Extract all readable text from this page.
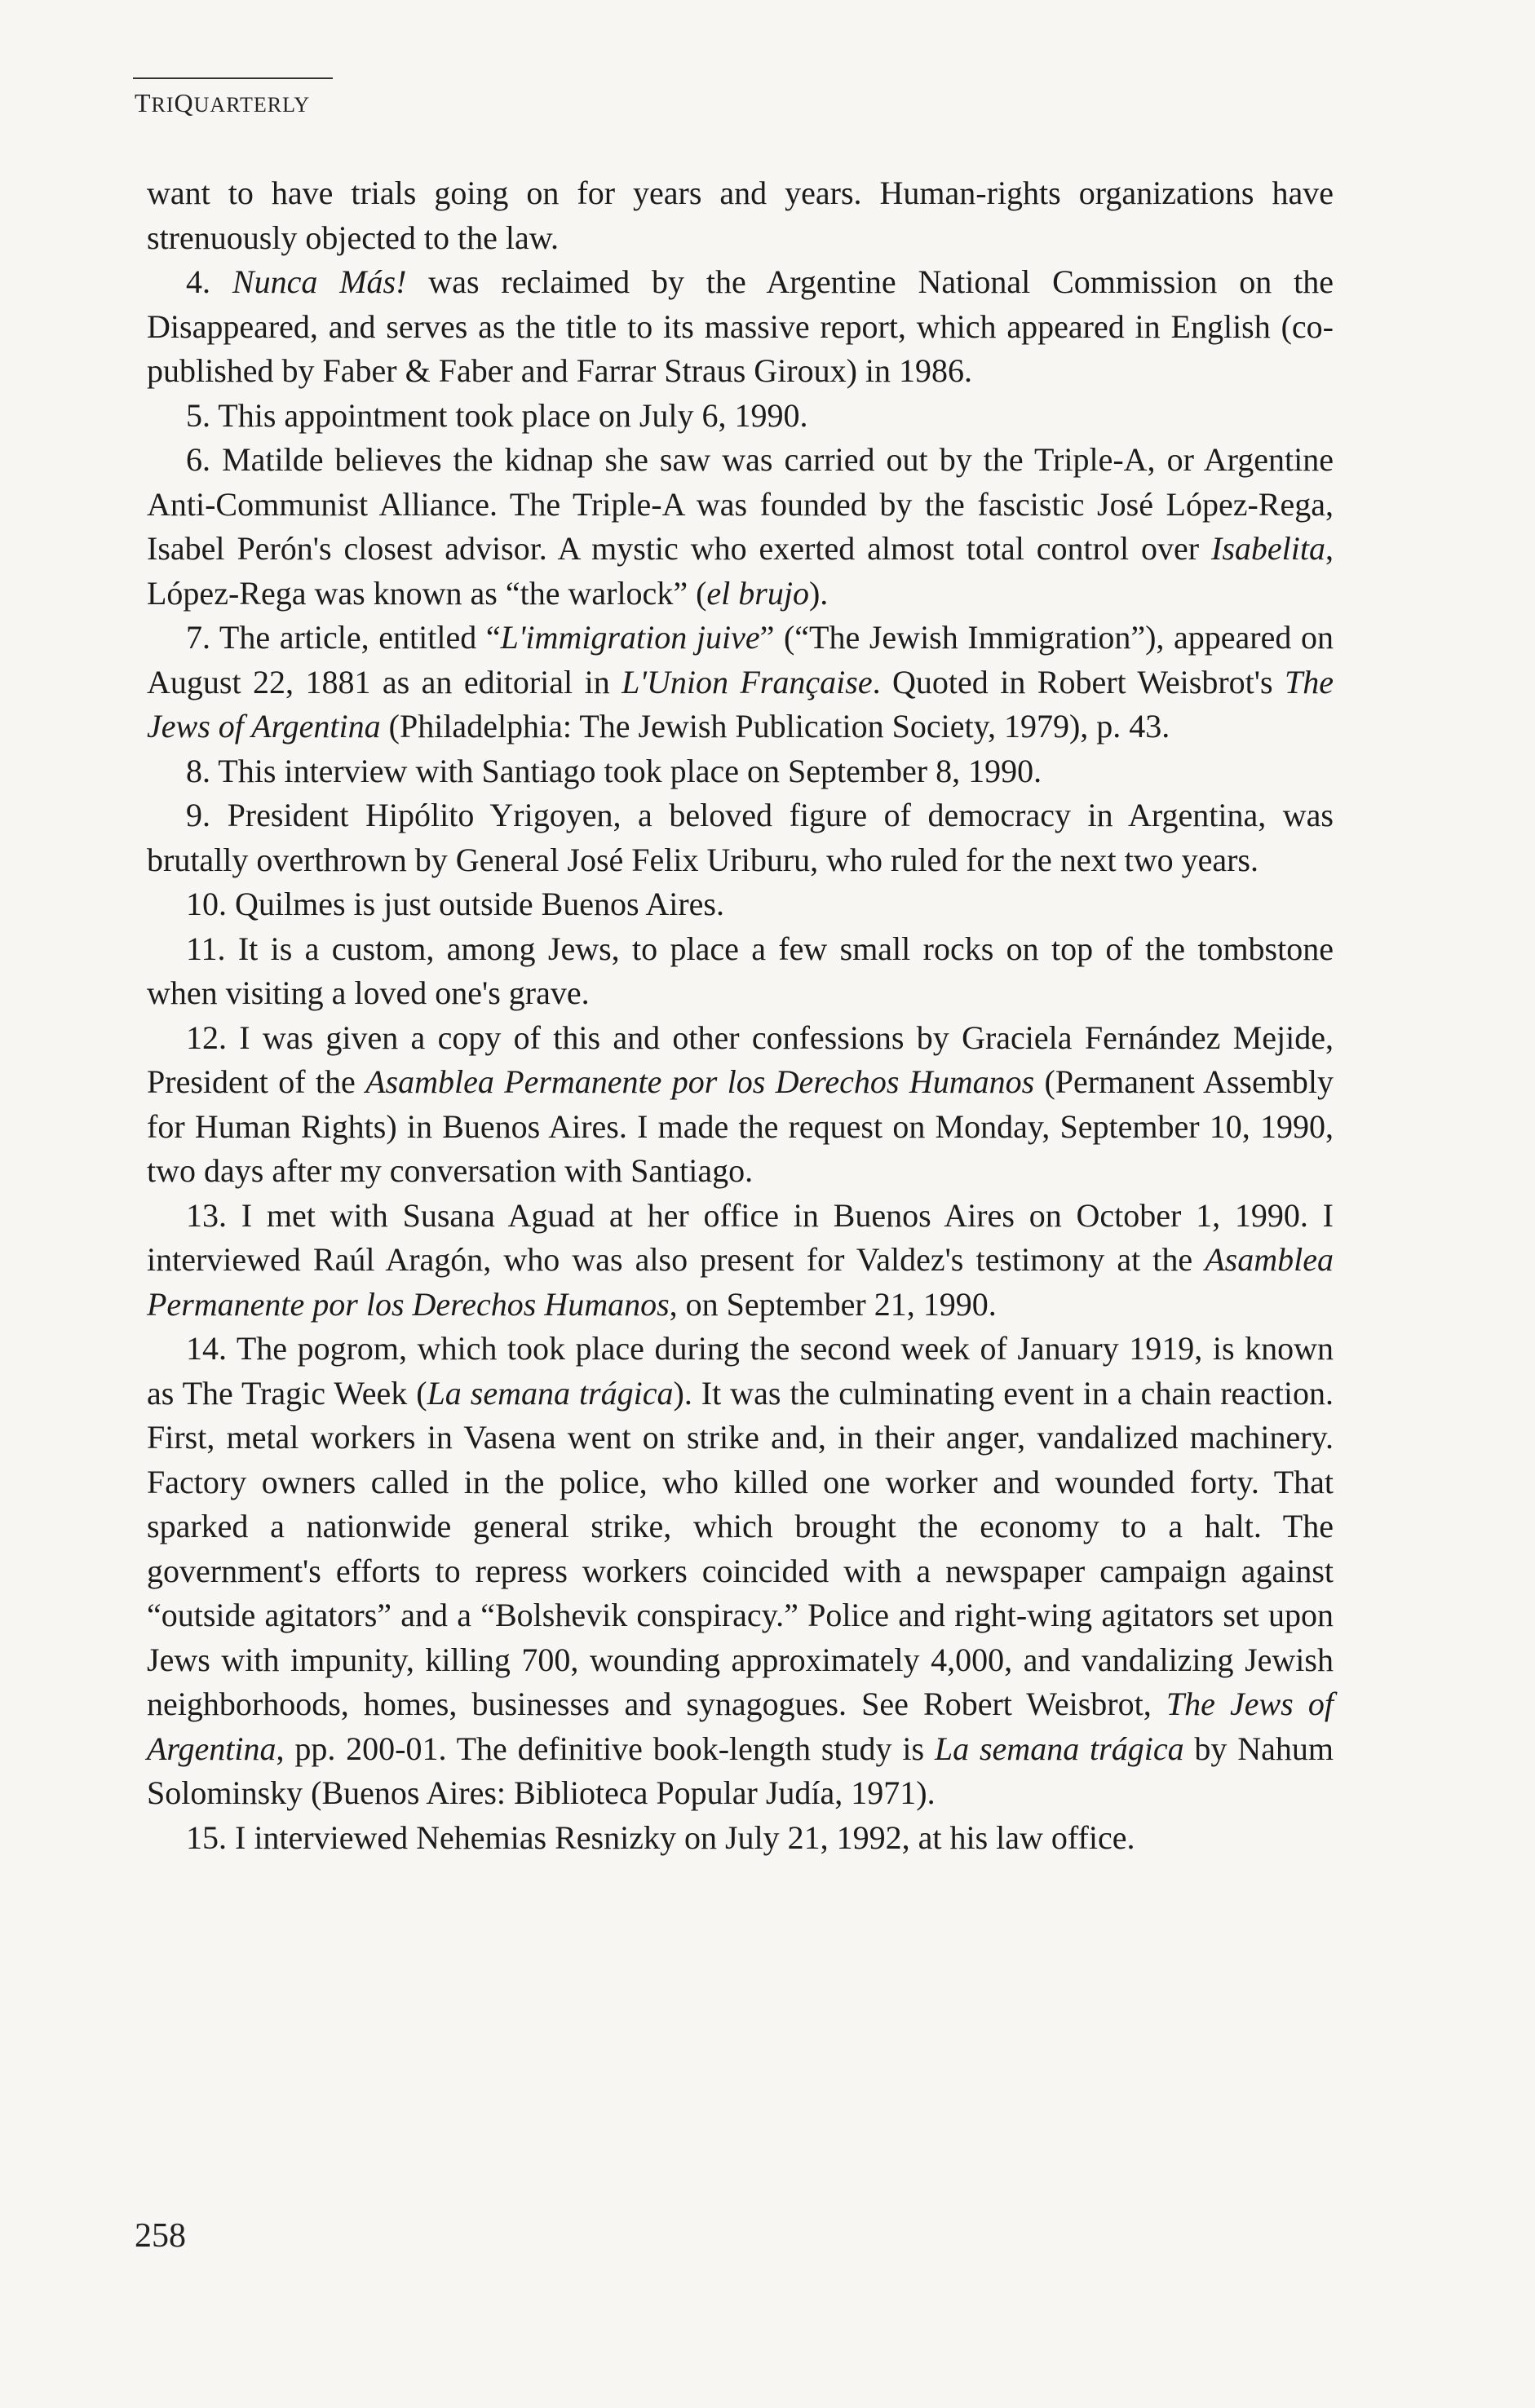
TRIQUARTERLY

want to have trials going on for years and years. Human-rights organizations have strenuously objected to the law.

4. Nunca Más! was reclaimed by the Argentine National Commission on the Disappeared, and serves as the title to its massive report, which appeared in English (co-published by Faber & Faber and Farrar Straus Giroux) in 1986.

5. This appointment took place on July 6, 1990.

6. Matilde believes the kidnap she saw was carried out by the Triple-A, or Argentine Anti-Communist Alliance. The Triple-A was founded by the fascistic José López-Rega, Isabel Perón's closest advisor. A mystic who exerted almost total control over Isabelita, López-Rega was known as “the warlock” (el brujo).

7. The article, entitled “L'immigration juive” (“The Jewish Immigration”), appeared on August 22, 1881 as an editorial in L'Union Française. Quoted in Robert Weisbrot's The Jews of Argentina (Philadelphia: The Jewish Publication Society, 1979), p. 43.

8. This interview with Santiago took place on September 8, 1990.

9. President Hipólito Yrigoyen, a beloved figure of democracy in Argentina, was brutally overthrown by General José Felix Uriburu, who ruled for the next two years.

10. Quilmes is just outside Buenos Aires.

11. It is a custom, among Jews, to place a few small rocks on top of the tombstone when visiting a loved one's grave.

12. I was given a copy of this and other confessions by Graciela Fernández Mejide, President of the Asamblea Permanente por los Derechos Humanos (Permanent Assembly for Human Rights) in Buenos Aires. I made the request on Monday, September 10, 1990, two days after my conversation with Santiago.

13. I met with Susana Aguad at her office in Buenos Aires on October 1, 1990. I interviewed Raúl Aragón, who was also present for Valdez's testimony at the Asamblea Permanente por los Derechos Humanos, on September 21, 1990.

14. The pogrom, which took place during the second week of January 1919, is known as The Tragic Week (La semana trágica). It was the culminating event in a chain reaction. First, metal workers in Vasena went on strike and, in their anger, vandalized machinery. Factory owners called in the police, who killed one worker and wounded forty. That sparked a nationwide general strike, which brought the economy to a halt. The government's efforts to repress workers coincided with a newspaper campaign against “outside agitators” and a “Bolshevik conspiracy.” Police and right-wing agitators set upon Jews with impunity, killing 700, wounding approximately 4,000, and vandalizing Jewish neighborhoods, homes, businesses and synagogues. See Robert Weisbrot, The Jews of Argentina, pp. 200-01. The definitive book-length study is La semana trágica by Nahum Solominsky (Buenos Aires: Biblioteca Popular Judía, 1971).

15. I interviewed Nehemias Resnizky on July 21, 1992, at his law office.

258
